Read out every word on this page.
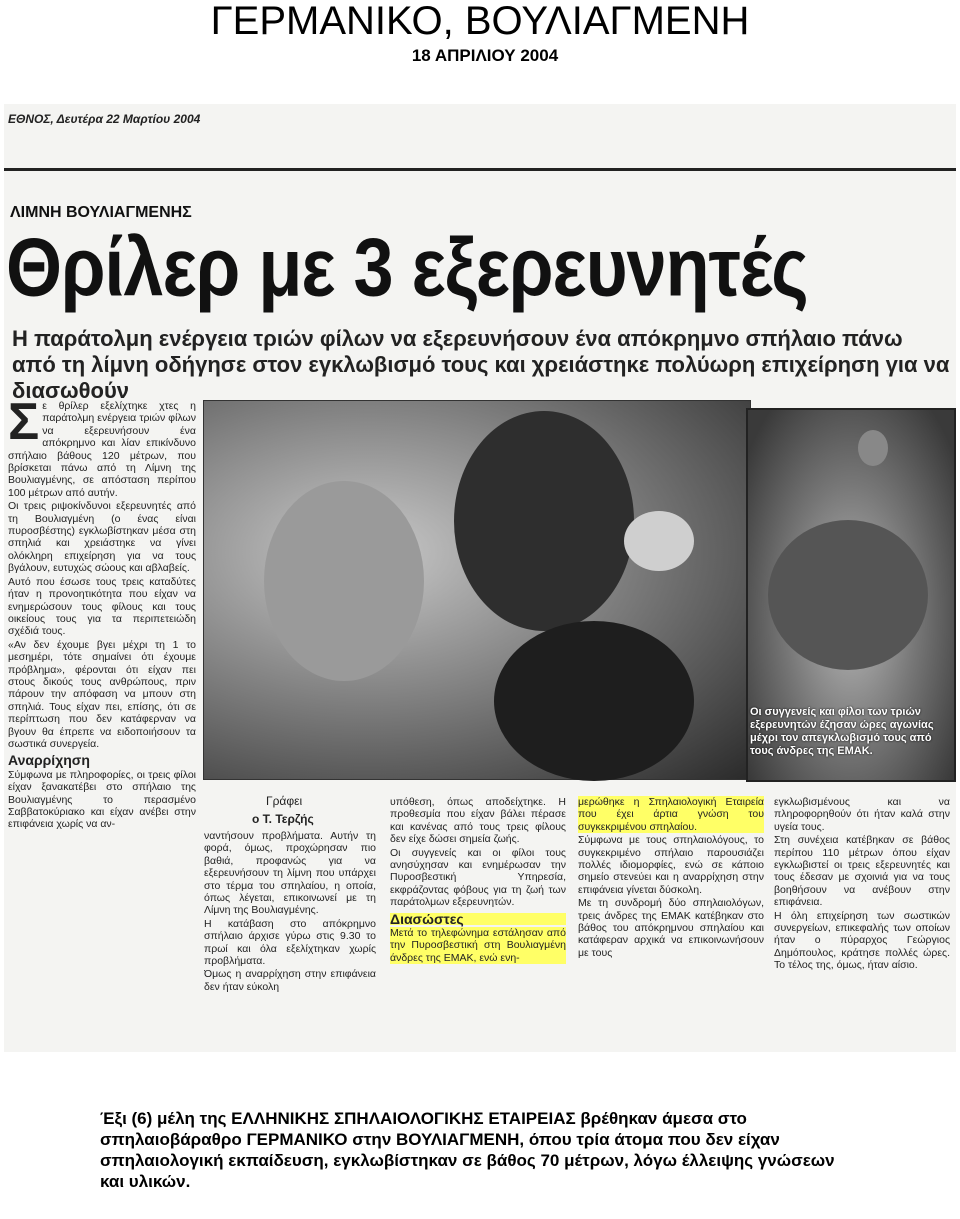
ΓΕΡΜΑΝΙΚΟ, ΒΟΥΛΙΑΓΜΕΝΗ
18 ΑΠΡΙΛΙΟΥ 2004
ΕΘΝΟΣ, Δευτέρα 22 Μαρτίου 2004
ΛΙΜΝΗ ΒΟΥΛΙΑΓΜΕΝΗΣ
Θρίλερ με 3 εξερευνητές
Η παράτολμη ενέργεια τριών φίλων να εξερευνήσουν ένα απόκρημνο σπήλαιο πάνω από τη λίμνη οδήγησε στον εγκλωβισμό τους και χρειάστηκε πολύωρη επιχείρηση για να διασωθούν

Σε θρίλερ εξελίχτηκε χτες η παράτολμη ενέργεια τριών φίλων να εξερευνήσουν ένα απόκρημνο και λίαν επικίνδυνο σπήλαιο βάθους 120 μέτρων, που βρίσκεται πάνω από τη Λίμνη της Βουλιαγμένης, σε απόσταση περίπου 100 μέτρων από αυτήν.

Οι τρεις ριψοκίνδυνοι εξερευνητές από τη Βουλιαγμένη (ο ένας είναι πυροσβέστης) εγκλωβίστηκαν μέσα στη σπηλιά και χρειάστηκε να γίνει ολόκληρη επιχείρηση για να τους βγάλουν, ευτυχώς σώους και αβλαβείς.

Αυτό που έσωσε τους τρεις καταδύτες ήταν η προνοητικότητα που είχαν να ενημερώσουν τους φίλους και τους οικείους τους για τα περιπετειώδη σχέδιά τους.

«Αν δεν έχουμε βγει μέχρι τη 1 το μεσημέρι, τότε σημαίνει ότι έχουμε πρόβλημα», φέρονται ότι είχαν πει στους δικούς τους ανθρώπους, πριν πάρουν την απόφαση να μπουν στη σπηλιά. Τους είχαν πει, επίσης, ότι σε περίπτωση που δεν κατάφερναν να βγουν θα έπρεπε να ειδοποιήσουν τα σωστικά συνεργεία.

Αναρρίχηση

Σύμφωνα με πληροφορίες, οι τρεις φίλοι είχαν ξανακατέβει στο σπήλαιο της Βουλιαγμένης το περασμένο Σαββατοκύριακο και είχαν ανέβει στην επιφάνεια χωρίς να αν-

Οι συγγενείς και φίλοι των τριών εξερευνητών έζησαν ώρες αγωνίας μέχρι τον απεγκλωβισμό τους από τους άνδρες της ΕΜΑΚ.
Γράφει
ο Τ. Τερζής

ναντήσουν προβλήματα. Αυτήν τη φορά, όμως, προχώρησαν πιο βαθιά, προφανώς για να εξερευνήσουν τη λίμνη που υπάρχει στο τέρμα του σπηλαίου, η οποία, όπως λέγεται, επικοινωνεί με τη Λίμνη της Βουλιαγμένης.

Η κατάβαση στο απόκρημνο σπήλαιο άρχισε γύρω στις 9.30 το πρωί και όλα εξελίχτηκαν χωρίς προβλήματα.

Όμως η αναρρίχηση στην επιφάνεια δεν ήταν εύκολη

υπόθεση, όπως αποδείχτηκε. Η προθεσμία που είχαν βάλει πέρασε και κανένας από τους τρεις φίλους δεν είχε δώσει σημεία ζωής.

Οι συγγενείς και οι φίλοι τους ανησύχησαν και ενημέρωσαν την Πυροσβεστική Υπηρεσία, εκφράζοντας φόβους για τη ζωή των παράτολμων εξερευνητών.

Διασώστες

Μετά το τηλεφώνημα εστάλησαν από την Πυροσβεστική στη Βουλιαγμένη άνδρες της ΕΜΑΚ, ενώ ενη-

μερώθηκε η Σπηλαιολογική Εταιρεία που έχει άρτια γνώση του συγκεκριμένου σπηλαίου.

Σύμφωνα με τους σπηλαιολόγους, το συγκεκριμένο σπήλαιο παρουσιάζει πολλές ιδιομορφίες, ενώ σε κάποιο σημείο στενεύει και η αναρρίχηση στην επιφάνεια γίνεται δύσκολη.

Με τη συνδρομή δύο σπηλαιολόγων, τρεις άνδρες της ΕΜΑΚ κατέβηκαν στο βάθος του απόκρημνου σπηλαίου και κατάφεραν αρχικά να επικοινωνήσουν με τους

εγκλωβισμένους και να πληροφορηθούν ότι ήταν καλά στην υγεία τους.

Στη συνέχεια κατέβηκαν σε βάθος περίπου 110 μέτρων όπου είχαν εγκλωβιστεί οι τρεις εξερευνητές και τους έδεσαν με σχοινιά για να τους βοηθήσουν να ανέβουν στην επιφάνεια.

Η όλη επιχείρηση των σωστικών συνεργείων, επικεφαλής των οποίων ήταν ο πύραρχος Γεώργιος Δημόπουλος, κράτησε πολλές ώρες. Το τέλος της, όμως, ήταν αίσιο.

Έξι (6) μέλη της ΕΛΛΗΝΙΚΗΣ ΣΠΗΛΑΙΟΛΟΓΙΚΗΣ ΕΤΑΙΡΕΙΑΣ βρέθηκαν άμεσα στο σπηλαιοβάραθρο ΓΕΡΜΑΝΙΚΟ στην ΒΟΥΛΙΑΓΜΕΝΗ, όπου τρία άτομα που δεν είχαν σπηλαιολογική εκπαίδευση, εγκλωβίστηκαν σε βάθος 70 μέτρων, λόγω έλλειψης γνώσεων και υλικών.
